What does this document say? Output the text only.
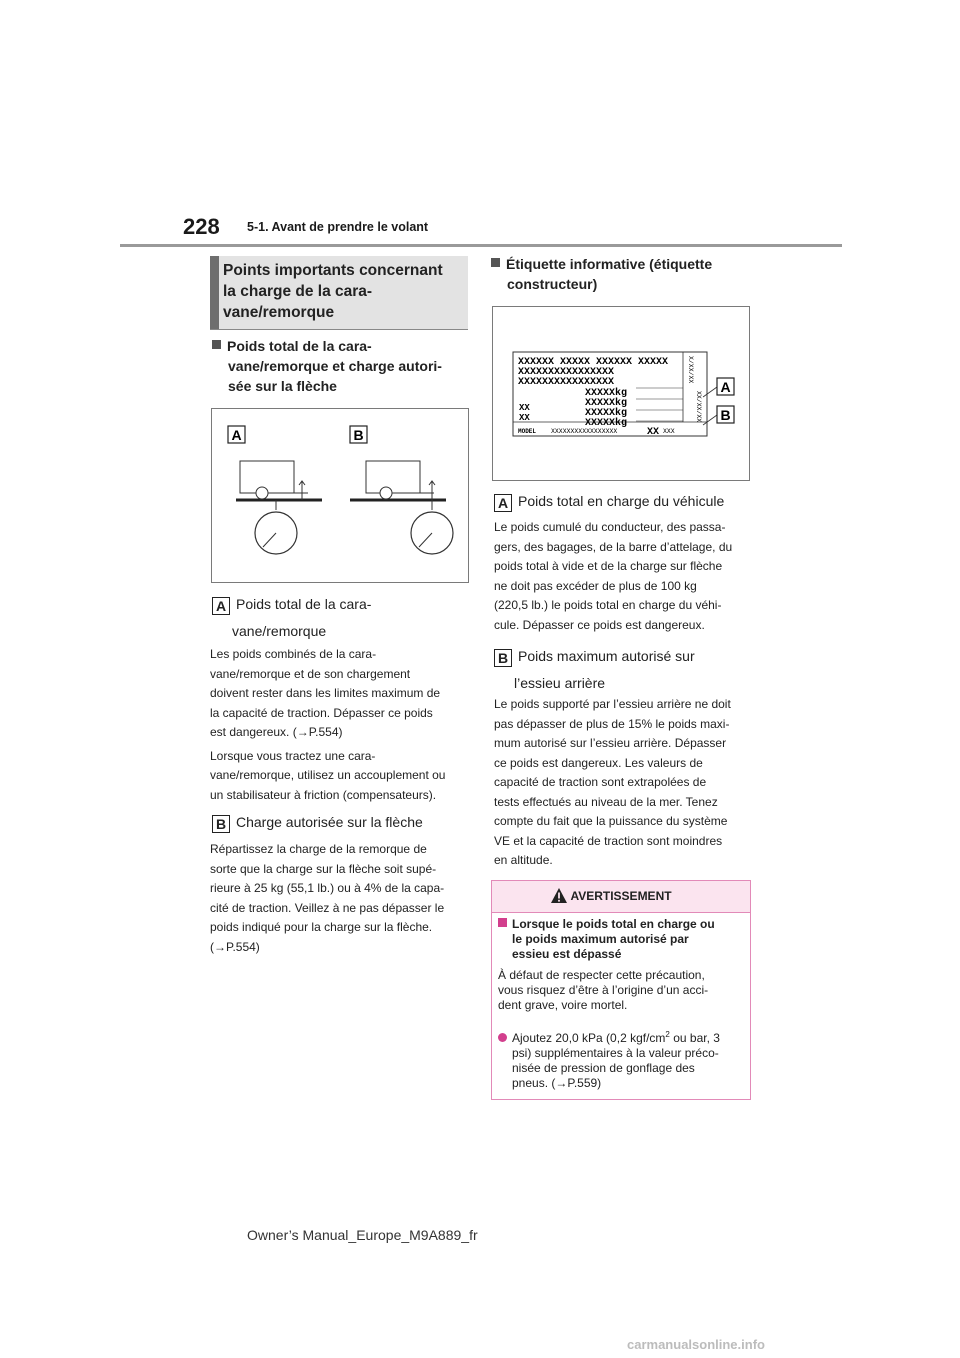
228 5-1. Avant de prendre le volant
Points importants concernant
la charge de la cara-
vane/remorque
Poids total de la cara-
vane/remorque et charge autori-
sée sur la flèche
A	B
A Poids total de la cara-
vane/remorque
Les poids combinés de la cara-
vane/remorque et de son chargement
doivent rester dans les limites maximum de
la capacité de traction. Dépasser ce poids
est dangereux. (→P.554)
Lorsque vous tractez une cara-
vane/remorque, utilisez un accouplement ou
un stabilisateur à friction (compensateurs).
B Charge autorisée sur la flèche
Répartissez la charge de la remorque de
sorte que la charge sur la flèche soit supé-
rieure à 25 kg (55,1 lb.) ou à 4% de la capa-
cité de traction. Veillez à ne pas dépasser le
poids indiqué pour la charge sur la flèche.
(→P.554)
Étiquette informative (étiquette
constructeur)
XXXXXX XXXXX XXXXXX XXXXX
XXXXXXXXXXXXXXXX
XXXXXXXXXXXXXXXX
XXXXXkg
XXXXXkg
XXXXXkg
XXXXXkg
XX
XX
MODEL XXXXXXXXXXXXXXXXX	XX XXX
X/XX/XX
XX/XX/XX
A
B
A Poids total en charge du véhicule
Le poids cumulé du conducteur, des passa-
gers, des bagages, de la barre d’attelage, du
poids total à vide et de la charge sur flèche
ne doit pas excéder de plus de 100 kg
(220,5 lb.) le poids total en charge du véhi-
cule. Dépasser ce poids est dangereux.
B Poids maximum autorisé sur
l’essieu arrière
Le poids supporté par l’essieu arrière ne doit
pas dépasser de plus de 15% le poids maxi-
mum autorisé sur l’essieu arrière. Dépasser
ce poids est dangereux. Les valeurs de
capacité de traction sont extrapolées de
tests effectués au niveau de la mer. Tenez
compte du fait que la puissance du système
VE et la capacité de traction sont moindres
en altitude.
AVERTISSEMENT
Lorsque le poids total en charge ou
le poids maximum autorisé par
essieu est dépassé
À défaut de respecter cette précaution,
vous risquez d’être à l’origine d’un acci-
dent grave, voire mortel.
Ajoutez 20,0 kPa (0,2 kgf/$cm^2$ ou bar, 3
psi) supplémentaires à la valeur préco-
nisée de pression de gonflage des
pneus. (→P.559)
Owner’s Manual_Europe_M9A889_fr
carmanualsonline.info
